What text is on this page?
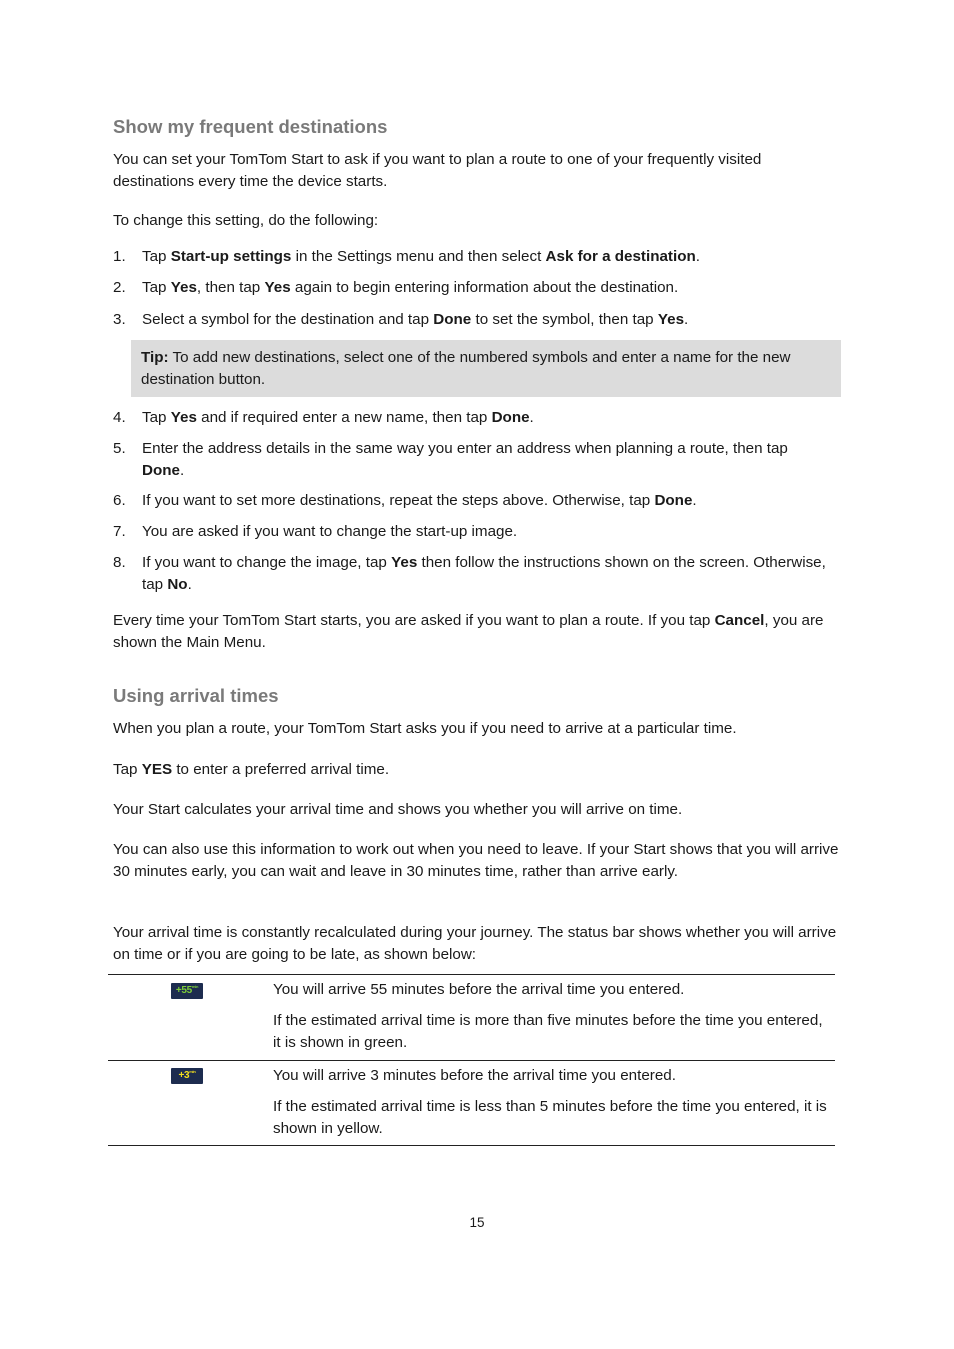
Show my frequent destinations

You can set your TomTom Start to ask if you want to plan a route to one of your frequently visited destinations every time the device starts.

To change this setting, do the following:

1.	Tap Start-up settings in the Settings menu and then select Ask for a destination.
2.	Tap Yes, then tap Yes again to begin entering information about the destination.
3.	Select a symbol for the destination and tap Done to set the symbol, then tap Yes.
Tip: To add new destinations, select one of the numbered symbols and enter a name for the new destination button.
4.	Tap Yes and if required enter a new name, then tap Done.
5.	Enter the address details in the same way you enter an address when planning a route, then tap Done.
6.	If you want to set more destinations, repeat the steps above. Otherwise, tap Done.
7.	You are asked if you want to change the start-up image.
8.	If you want to change the image, tap Yes then follow the instructions shown on the screen. Otherwise, tap No.

Every time your TomTom Start starts, you are asked if you want to plan a route. If you tap Cancel, you are shown the Main Menu.

Using arrival times

When you plan a route, your TomTom Start asks you if you need to arrive at a particular time.

Tap YES to enter a preferred arrival time.

Your Start calculates your arrival time and shows you whether you will arrive on time.

You can also use this information to work out when you need to leave. If your Start shows that you will arrive 30 minutes early, you can wait and leave in 30 minutes time, rather than arrive early.

Your arrival time is constantly recalculated during your journey. The status bar shows whether you will arrive on time or if you are going to be late, as shown below:

$+55^{min}$	You will arrive 55 minutes before the arrival time you entered.
If the estimated arrival time is more than five minutes before the time you entered, it is shown in green.
$+3^{min}$	You will arrive 3 minutes before the arrival time you entered.
If the estimated arrival time is less than 5 minutes before the time you entered, it is shown in yellow.
15
